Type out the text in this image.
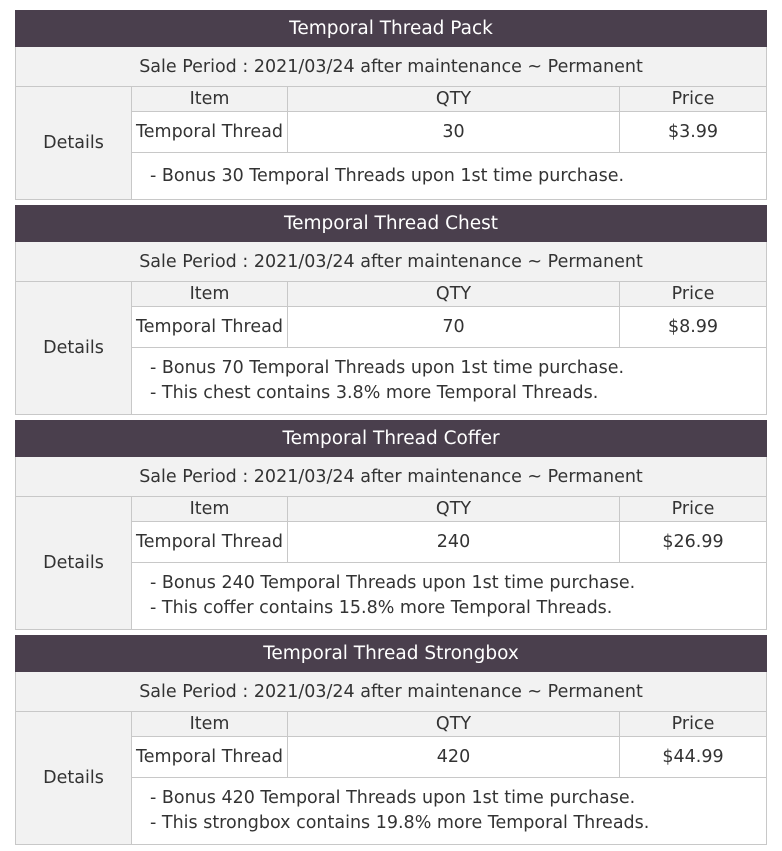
Temporal Thread Pack			
Sale Period : 2021/03/24 after maintenance ~ Permanent			
Details	Item	QTY	Price
	Temporal Thread	30	$3.99

	- Bonus 30 Temporal Threads upon 1st time purchase.		
Temporal Thread Chest			
Sale Period : 2021/03/24 after maintenance ~ Permanent			
Details	Item	QTY	Price
	Temporal Thread	70	$8.99

	- Bonus 70 Temporal Threads upon 1st time purchase.
- This chest contains 3.8% more Temporal Threads.		
Temporal Thread Coffer			
Sale Period : 2021/03/24 after maintenance ~ Permanent			
Details	Item	QTY	Price
	Temporal Thread	240	$26.99

	- Bonus 240 Temporal Threads upon 1st time purchase.
- This coffer contains 15.8% more Temporal Threads.		
Temporal Thread Strongbox			
Sale Period : 2021/03/24 after maintenance ~ Permanent			
Details	Item	QTY	Price
	Temporal Thread	420	$44.99

	- Bonus 420 Temporal Threads upon 1st time purchase.
- This strongbox contains 19.8% more Temporal Threads.		
